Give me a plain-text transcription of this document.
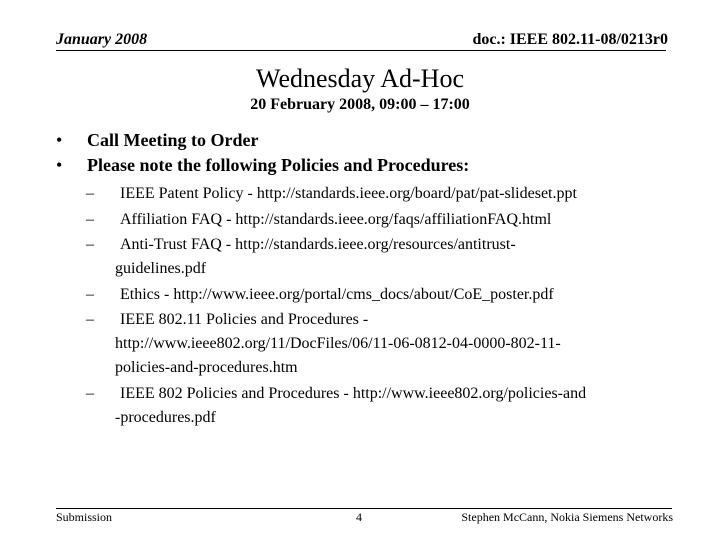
January 2008	doc.: IEEE 802.11-08/0213r0
Wednesday Ad-Hoc
20 February 2008, 09:00 – 17:00
•	Call Meeting to Order
•	Please note the following Policies and Procedures:
–	IEEE Patent Policy - http://standards.ieee.org/board/pat/pat-slideset.ppt
–	Affiliation FAQ - http://standards.ieee.org/faqs/affiliationFAQ.html
–	Anti-Trust FAQ - http://standards.ieee.org/resources/antitrust-
guidelines.pdf
–	Ethics - http://www.ieee.org/portal/cms_docs/about/CoE_poster.pdf
–	IEEE 802.11 Policies and Procedures -
http://www.ieee802.org/11/DocFiles/06/11-06-0812-04-0000-802-11-
policies-and-procedures.htm
–	IEEE 802 Policies and Procedures - http://www.ieee802.org/policies-and
-procedures.pdf
Submission	4	Stephen McCann, Nokia Siemens Networks
